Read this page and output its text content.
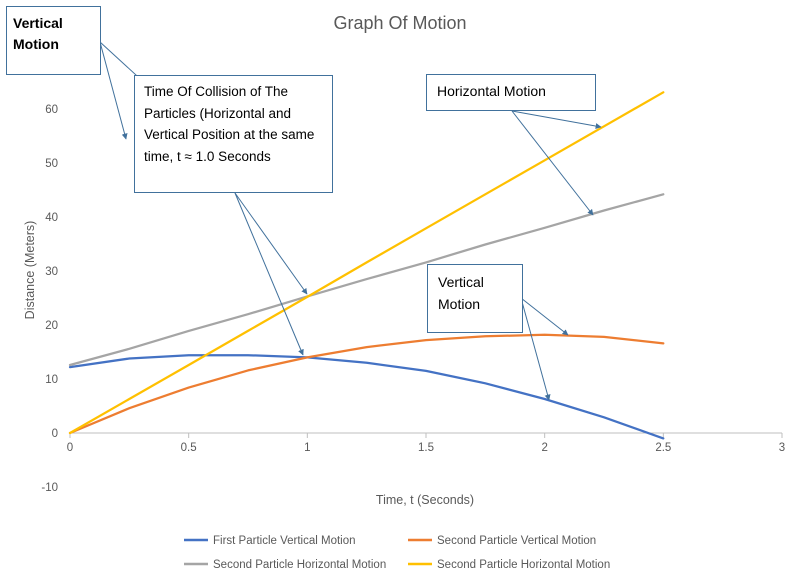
Graph Of Motion
Distance (Meters)
Time, t (Seconds)
-10
0
10
20
30
40
50
60
0	0.5	1	1.5	2	2.5	3
First Particle Vertical Motion	Second Particle Vertical Motion
Second Particle Horizontal Motion	Second Particle Horizontal Motion
Vertical Motion
Time Of Collision of The Particles (Horizontal and Vertical Position at the same time, t ≈ 1.0 Seconds
Horizontal Motion
Vertical Motion
